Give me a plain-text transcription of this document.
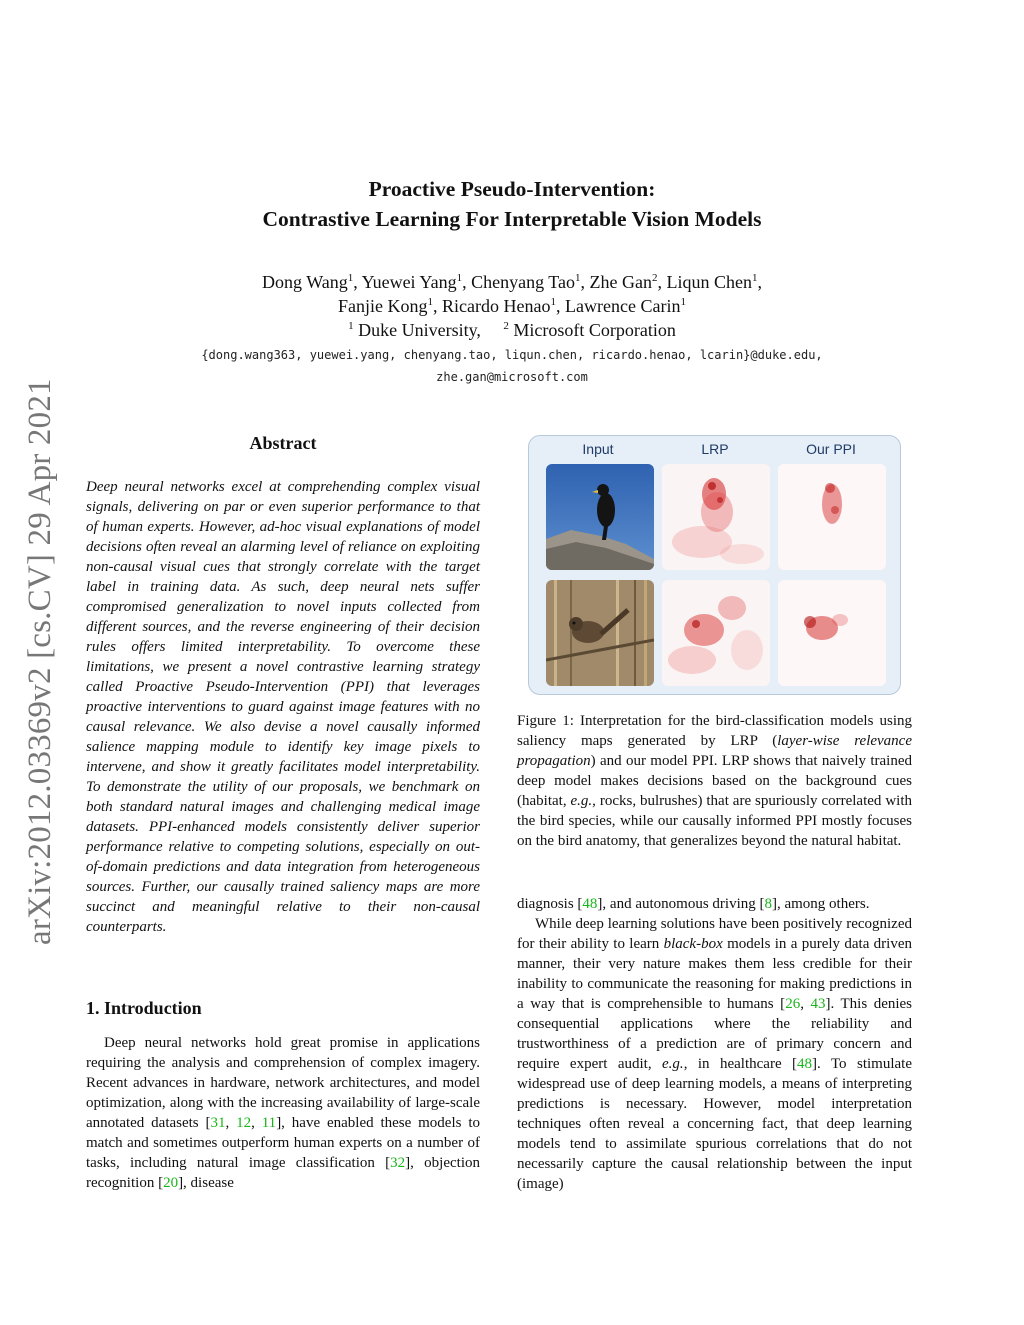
arXiv:2012.03369v2 [cs.CV] 29 Apr 2021
Proactive Pseudo-Intervention:
Contrastive Learning For Interpretable Vision Models
Dong Wang$^1$, Yuewei Yang$^1$, Chenyang Tao$^1$, Zhe Gan$^2$, Liqun Chen$^1$,
Fanjie Kong$^1$, Ricardo Henao$^1$, Lawrence Carin$^1$
$^1$ Duke University, $^2$ Microsoft Corporation
{dong.wang363, yuewei.yang, chenyang.tao, liqun.chen, ricardo.henao, lcarin}@duke.edu,
zhe.gan@microsoft.com
Abstract
Deep neural networks excel at comprehending complex visual signals, delivering on par or even superior performance to that of human experts. However, ad-hoc visual explanations of model decisions often reveal an alarming level of reliance on exploiting non-causal visual cues that strongly correlate with the target label in training data. As such, deep neural nets suffer compromised generalization to novel inputs collected from different sources, and the reverse engineering of their decision rules offers limited interpretability. To overcome these limitations, we present a novel contrastive learning strategy called Proactive Pseudo-Intervention (PPI) that leverages proactive interventions to guard against image features with no causal relevance. We also devise a novel causally informed salience mapping module to identify key image pixels to intervene, and show it greatly facilitates model interpretability. To demonstrate the utility of our proposals, we benchmark on both standard natural images and challenging medical image datasets. PPI-enhanced models consistently deliver superior performance relative to competing solutions, especially on out-of-domain predictions and data integration from heterogeneous sources. Further, our causally trained saliency maps are more succinct and meaningful relative to their non-causal counterparts.
1. Introduction
Deep neural networks hold great promise in applications requiring the analysis and comprehension of complex imagery. Recent advances in hardware, network architectures, and model optimization, along with the increasing availability of large-scale annotated datasets [31, 12, 11], have enabled these models to match and sometimes outperform human experts on a number of tasks, including natural image classification [32], objection recognition [20], disease
Input	LRP	Our PPI
Figure 1: Interpretation for the bird-classification models using saliency maps generated by LRP (layer-wise relevance propagation) and our model PPI. LRP shows that naively trained deep model makes decisions based on the background cues (habitat, e.g., rocks, bulrushes) that are spuriously correlated with the bird species, while our causally informed PPI mostly focuses on the bird anatomy, that generalizes beyond the natural habitat.

diagnosis [48], and autonomous driving [8], among others.

While deep learning solutions have been positively recognized for their ability to learn black-box models in a purely data driven manner, their very nature makes them less credible for their inability to communicate the reasoning for making predictions in a way that is comprehensible to humans [26, 43]. This denies consequential applications where the reliability and trustworthiness of a prediction are of primary concern and require expert audit, e.g., in healthcare [48]. To stimulate widespread use of deep learning models, a means of interpreting predictions is necessary. However, model interpretation techniques often reveal a concerning fact, that deep learning models tend to assimilate spurious correlations that do not necessarily capture the causal relationship between the input (image)
